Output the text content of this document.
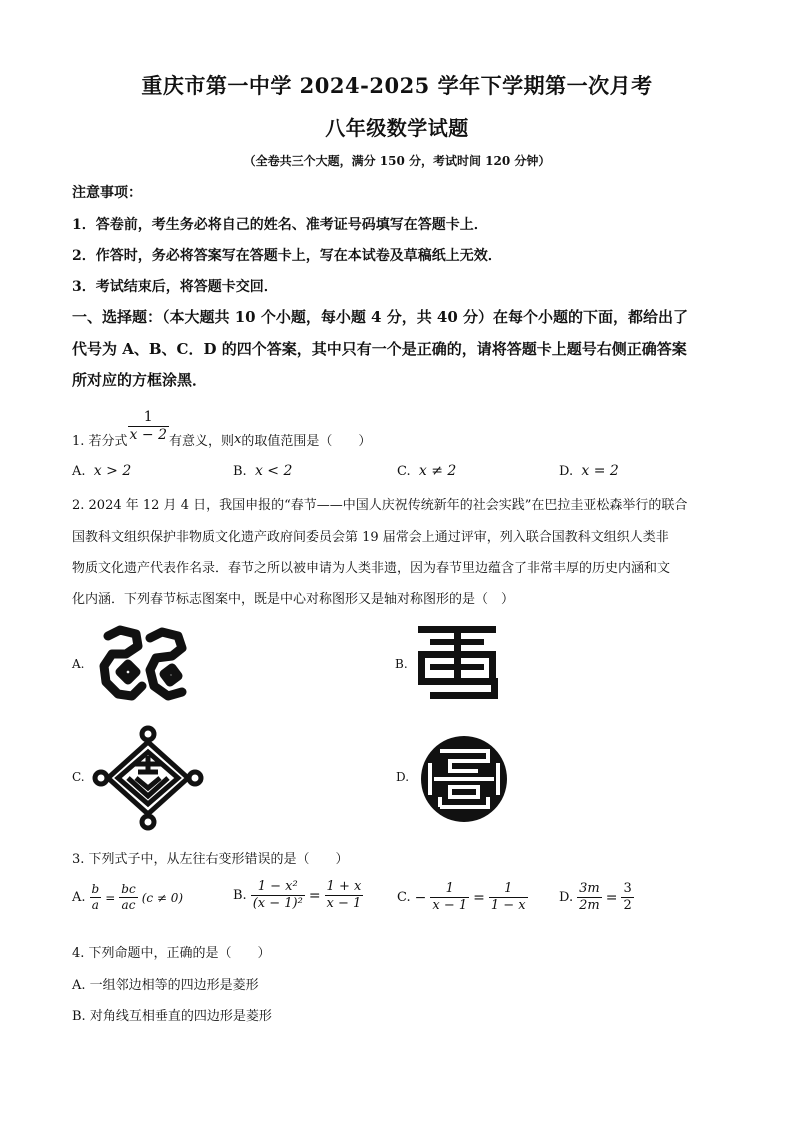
重庆市第一中学 2024-2025 学年下学期第一次月考
八年级数学试题
（全卷共三个大题，满分 150 分，考试时间 120 分钟）
注意事项：
1．答卷前，考生务必将自己的姓名、准考证号码填写在答题卡上．
2．作答时，务必将答案写在答题卡上，写在本试卷及草稿纸上无效．
3．考试结束后，将答题卡交回．
一、选择题：（本大题共 10 个小题，每小题 4 分，共 40 分）在每个小题的下面，都给出了
代号为 A、B、C．D 的四个答案，其中只有一个是正确的，请将答题卡上题号右侧正确答案
所对应的方框涂黑．
1. 若分式 $\frac{1}{x - 2}$ 有意义，则 x 的取值范围是（　　）
A. x > 2	B. x < 2	C. x ≠ 2	D. x = 2
2. 2024 年 12 月 4 日，我国申报的“春节——中国人庆祝传统新年的社会实践”在巴拉圭亚松森举行的联合
国教科文组织保护非物质文化遗产政府间委员会第 19 届常会上通过评审，列入联合国教科文组织人类非
物质文化遗产代表作名录．春节之所以被申请为人类非遗，因为春节里边蕴含了非常丰厚的历史内涵和文
化内涵．下列春节标志图案中，既是中心对称图形又是轴对称图形的是（　）
A.	B.
C.	D.
3. 下列式子中，从左往右变形错误的是（　　）
A. $\frac{b}{a} = \frac{bc}{ac} (c \ne 0)$	B. $\frac{\text{1 − x²}}{\text{(x − 1)²}} = \frac{1 + x}{x - 1}$	C. − $\frac{1}{x - 1} = \frac{1}{1 - x} D$. $\frac{3m}{2m} = \frac{3}{2}$
4. 下列命题中，正确的是（　　）
A. 一组邻边相等的四边形是菱形
B. 对角线互相垂直的四边形是菱形
